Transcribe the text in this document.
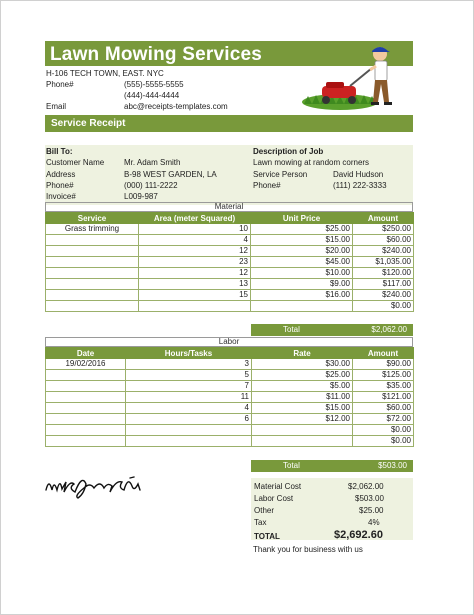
Lawn Mowing Services
H-106 TECH TOWN, EAST. NYC
Phone#	(555)-5555-5555
(444)-444-4444
Email	abc@receipts-templates.com
Service Receipt
Bill To:
Customer Name Mr. Adam Smith
Address	B-98 WEST GARDEN, LA
Phone#	(000) 111-2222
Invoice#	L009-987
Description of Job
Lawn mowing at random corners
Service Person	David Hudson
Phone#	(111) 222-3333
Material
Service	Area (meter Squared)	Unit Price	Amount
Grass trimming	10	$25.00	$250.00
	4	$15.00	$60.00
	12	$20.00	$240.00
	23	$45.00	$1,035.00
	12	$10.00	$120.00
	13	$9.00	$117.00
	15	$16.00	$240.00
			$0.00
Total	$2,062.00
Labor
Date	Hours/Tasks	Rate	Amount
19/02/2016	3	$30.00	$90.00
	5	$25.00	$125.00
	7	$5.00	$35.00
	11	$11.00	$121.00
	4	$15.00	$60.00
	6	$12.00	$72.00
			$0.00
			$0.00
Total	$503.00
Material Cost	$2,062.00
Labor Cost	$503.00
Other	$25.00
Tax	4%
TOTAL	$2,692.60
Thank you for business with us
